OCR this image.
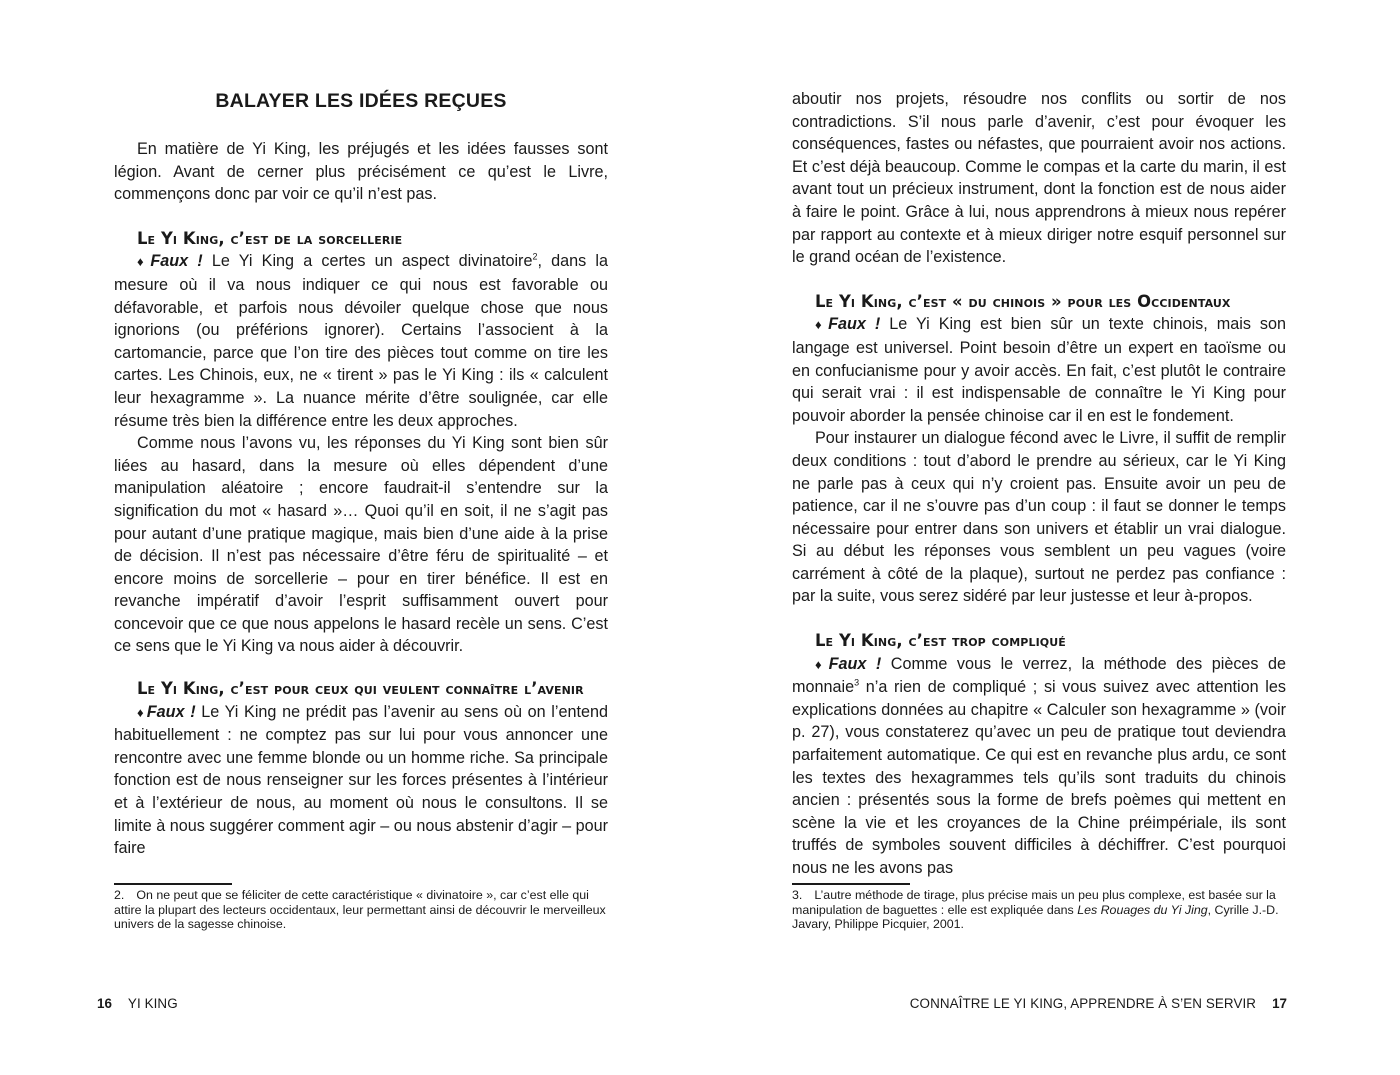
BALAYER LES IDÉES REÇUES

En matière de Yi King, les préjugés et les idées fausses sont légion. Avant de cerner plus précisément ce qu’est le Livre, commençons donc par voir ce qu’il n’est pas.

Le Yi King, c’est de la sorcellerie

♦ Faux ! Le Yi King a certes un aspect divinatoire$^2$, dans la mesure où il va nous indiquer ce qui nous est favorable ou défavorable, et parfois nous dévoiler quelque chose que nous ignorions (ou préférions ignorer). Certains l’associent à la cartomancie, parce que l’on tire des pièces tout comme on tire les cartes. Les Chinois, eux, ne « tirent » pas le Yi King : ils « calculent leur hexagramme ». La nuance mérite d’être soulignée, car elle résume très bien la différence entre les deux approches.

Comme nous l’avons vu, les réponses du Yi King sont bien sûr liées au hasard, dans la mesure où elles dépendent d’une manipulation aléatoire ; encore faudrait-il s’entendre sur la signification du mot « hasard »… Quoi qu’il en soit, il ne s’agit pas pour autant d’une pratique magique, mais bien d’une aide à la prise de décision. Il n’est pas nécessaire d’être féru de spiritualité – et encore moins de sorcellerie – pour en tirer bénéfice. Il est en revanche impératif d’avoir l’esprit suffisamment ouvert pour concevoir que ce que nous appelons le hasard recèle un sens. C’est ce sens que le Yi King va nous aider à découvrir.

Le Yi King, c’est pour ceux qui veulent connaître l’avenir

♦ Faux ! Le Yi King ne prédit pas l’avenir au sens où on l’entend habituellement : ne comptez pas sur lui pour vous annoncer une rencontre avec une femme blonde ou un homme riche. Sa principale fonction est de nous renseigner sur les forces présentes à l’intérieur et à l’extérieur de nous, au moment où nous le consultons. Il se limite à nous suggérer comment agir – ou nous abstenir d’agir – pour faire

2. On ne peut que se féliciter de cette caractéristique « divinatoire », car c’est elle qui attire la plupart des lecteurs occidentaux, leur permettant ainsi de découvrir le merveilleux univers de la sagesse chinoise.
16 YI KING

aboutir nos projets, résoudre nos conflits ou sortir de nos contradictions. S’il nous parle d’avenir, c’est pour évoquer les conséquences, fastes ou néfastes, que pourraient avoir nos actions. Et c’est déjà beaucoup. Comme le compas et la carte du marin, il est avant tout un précieux instrument, dont la fonction est de nous aider à faire le point. Grâce à lui, nous apprendrons à mieux nous repérer par rapport au contexte et à mieux diriger notre esquif personnel sur le grand océan de l’existence.

Le Yi King, c’est « du chinois » pour les Occidentaux

♦ Faux ! Le Yi King est bien sûr un texte chinois, mais son langage est universel. Point besoin d’être un expert en taoïsme ou en confucianisme pour y avoir accès. En fait, c’est plutôt le contraire qui serait vrai : il est indispensable de connaître le Yi King pour pouvoir aborder la pensée chinoise car il en est le fondement.

Pour instaurer un dialogue fécond avec le Livre, il suffit de remplir deux conditions : tout d’abord le prendre au sérieux, car le Yi King ne parle pas à ceux qui n’y croient pas. Ensuite avoir un peu de patience, car il ne s’ouvre pas d’un coup : il faut se donner le temps nécessaire pour entrer dans son univers et établir un vrai dialogue. Si au début les réponses vous semblent un peu vagues (voire carrément à côté de la plaque), surtout ne perdez pas confiance : par la suite, vous serez sidéré par leur justesse et leur à-propos.

Le Yi King, c’est trop compliqué

♦ Faux ! Comme vous le verrez, la méthode des pièces de monnaie$^3$ n’a rien de compliqué ; si vous suivez avec attention les explications données au chapitre « Calculer son hexagramme » (voir p. 27), vous constaterez qu’avec un peu de pratique tout deviendra parfaitement automatique. Ce qui est en revanche plus ardu, ce sont les textes des hexagrammes tels qu’ils sont traduits du chinois ancien : présentés sous la forme de brefs poèmes qui mettent en scène la vie et les croyances de la Chine préimpériale, ils sont truffés de symboles souvent difficiles à déchiffrer. C’est pourquoi nous ne les avons pas

3. L’autre méthode de tirage, plus précise mais un peu plus complexe, est basée sur la manipulation de baguettes : elle est expliquée dans Les Rouages du Yi Jing, Cyrille J.-D. Javary, Philippe Picquier, 2001.
CONNAÎTRE LE YI KING, APPRENDRE À S’EN SERVIR 17
